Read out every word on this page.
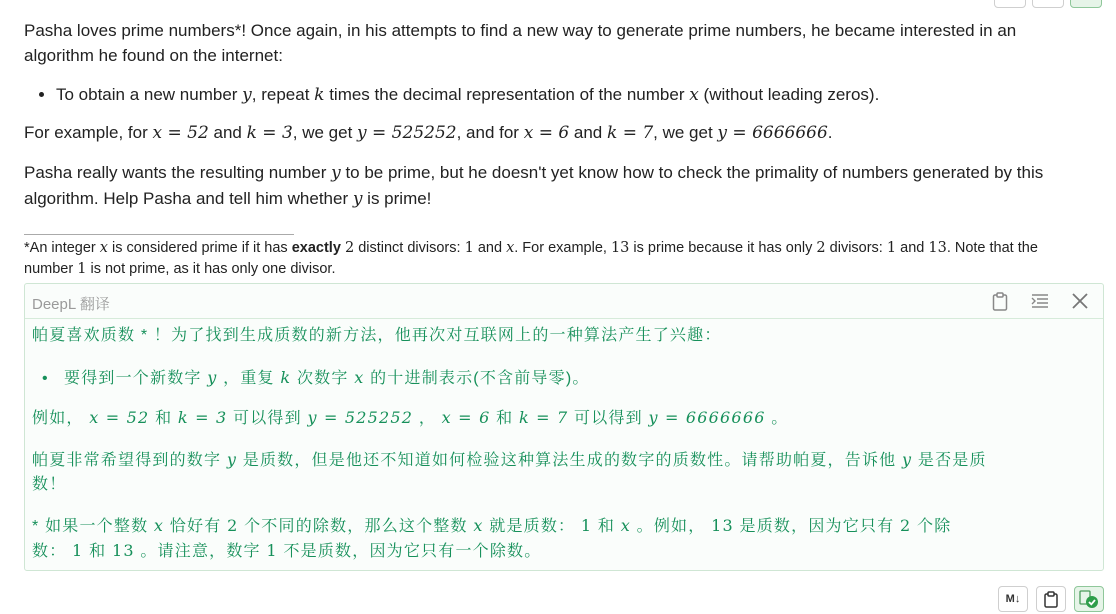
Pasha loves prime numbers*! Once again, in his attempts to find a new way to generate prime numbers, he became interested in an algorithm he found on the internet:

• To obtain a new number y, repeat k times the decimal representation of the number x (without leading zeros).

For example, for x = 52 and k = 3, we get y = 525252, and for x = 6 and k = 7, we get y = 6666666.

Pasha really wants the resulting number y to be prime, but he doesn't yet know how to check the primality of numbers generated by this algorithm. Help Pasha and tell him whether y is prime!

*An integer x is considered prime if it has exactly 2 distinct divisors: 1 and x. For example, 13 is prime because it has only 2 divisors: 1 and 13. Note that the number 1 is not prime, as it has only one divisor.
DeepL 翻译
帕夏喜欢质数 * ！为了找到生成质数的新方法，他再次对互联网上的一种算法产生了兴趣：
• 要得到一个新数字 y ，重复 k 次数字 x 的十进制表示(不含前导零)。
例如， x = 52 和 k = 3 可以得到 y = 525252 ， x = 6 和 k = 7 可以得到 y = 6666666 。
帕夏非常希望得到的数字 y 是质数，但是他还不知道如何检验这种算法生成的数字的质数性。请帮助帕夏，告诉他 y 是否是质
数！
* 如果一个整数 x 恰好有 2 个不同的除数，那么这个整数 x 就是质数： 1 和 x 。例如， 13 是质数，因为它只有 2 个除
数： 1 和 13 。请注意，数字 1 不是质数，因为它只有一个除数。
M↓
